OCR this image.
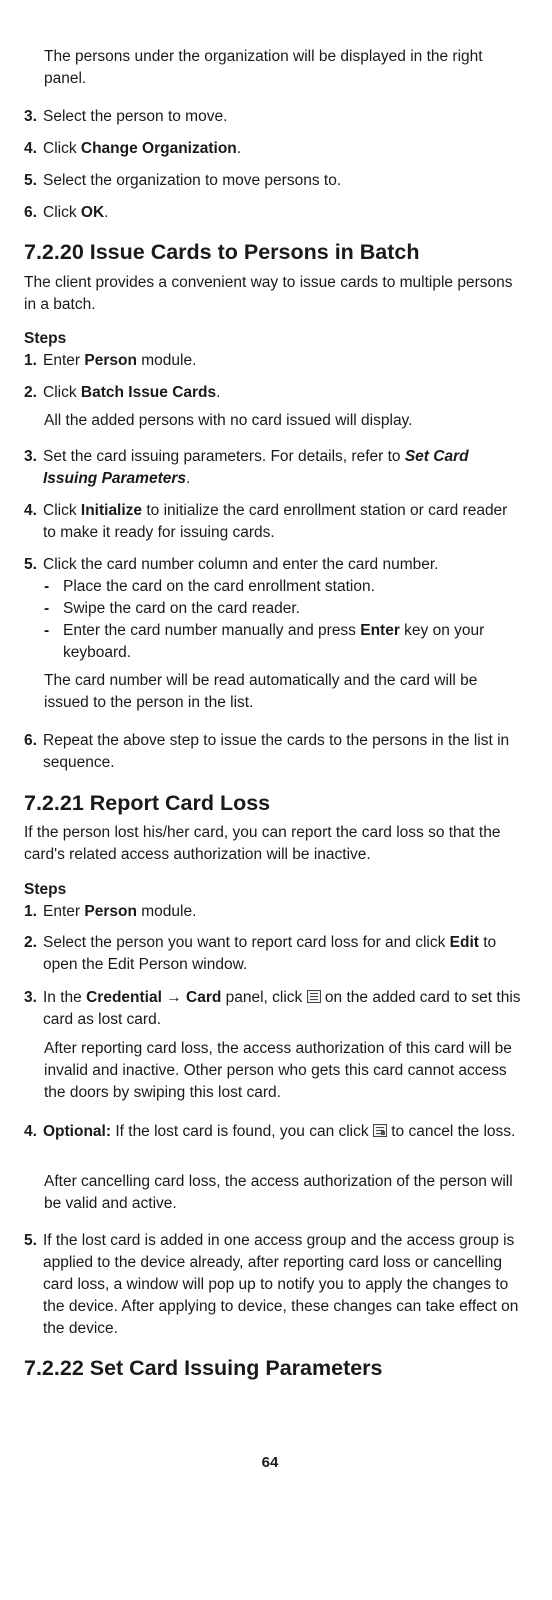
The persons under the organization will be displayed in the right panel.

3. Select the person to move.
4. Click Change Organization.
5. Select the organization to move persons to.
6. Click OK.
7.2.20 Issue Cards to Persons in Batch

The client provides a convenient way to issue cards to multiple persons in a batch.

Steps
1. Enter Person module.
2. Click Batch Issue Cards.

All the added persons with no card issued will display.

3. Set the card issuing parameters. For details, refer to Set Card Issuing Parameters.
4. Click Initialize to initialize the card enrollment station or card reader to make it ready for issuing cards.
5. Click the card number column and enter the card number.
- Place the card on the card enrollment station.
- Swipe the card on the card reader.
- Enter the card number manually and press Enter key on your keyboard.

The card number will be read automatically and the card will be issued to the person in the list.

6. Repeat the above step to issue the cards to the persons in the list in sequence.
7.2.21 Report Card Loss

If the person lost his/her card, you can report the card loss so that the card's related access authorization will be inactive.

Steps
1. Enter Person module.
2. Select the person you want to report card loss for and click Edit to open the Edit Person window.
3. In the Credential → Card panel, click  on the added card to set this card as lost card.

After reporting card loss, the access authorization of this card will be invalid and inactive. Other person who gets this card cannot access the doors by swiping this lost card.

4. Optional: If the lost card is found, you can click  to cancel the loss.

After cancelling card loss, the access authorization of the person will be valid and active.

5. If the lost card is added in one access group and the access group is applied to the device already, after reporting card loss or cancelling card loss, a window will pop up to notify you to apply the changes to the device. After applying to device, these changes can take effect on the device.
7.2.22 Set Card Issuing Parameters
64
